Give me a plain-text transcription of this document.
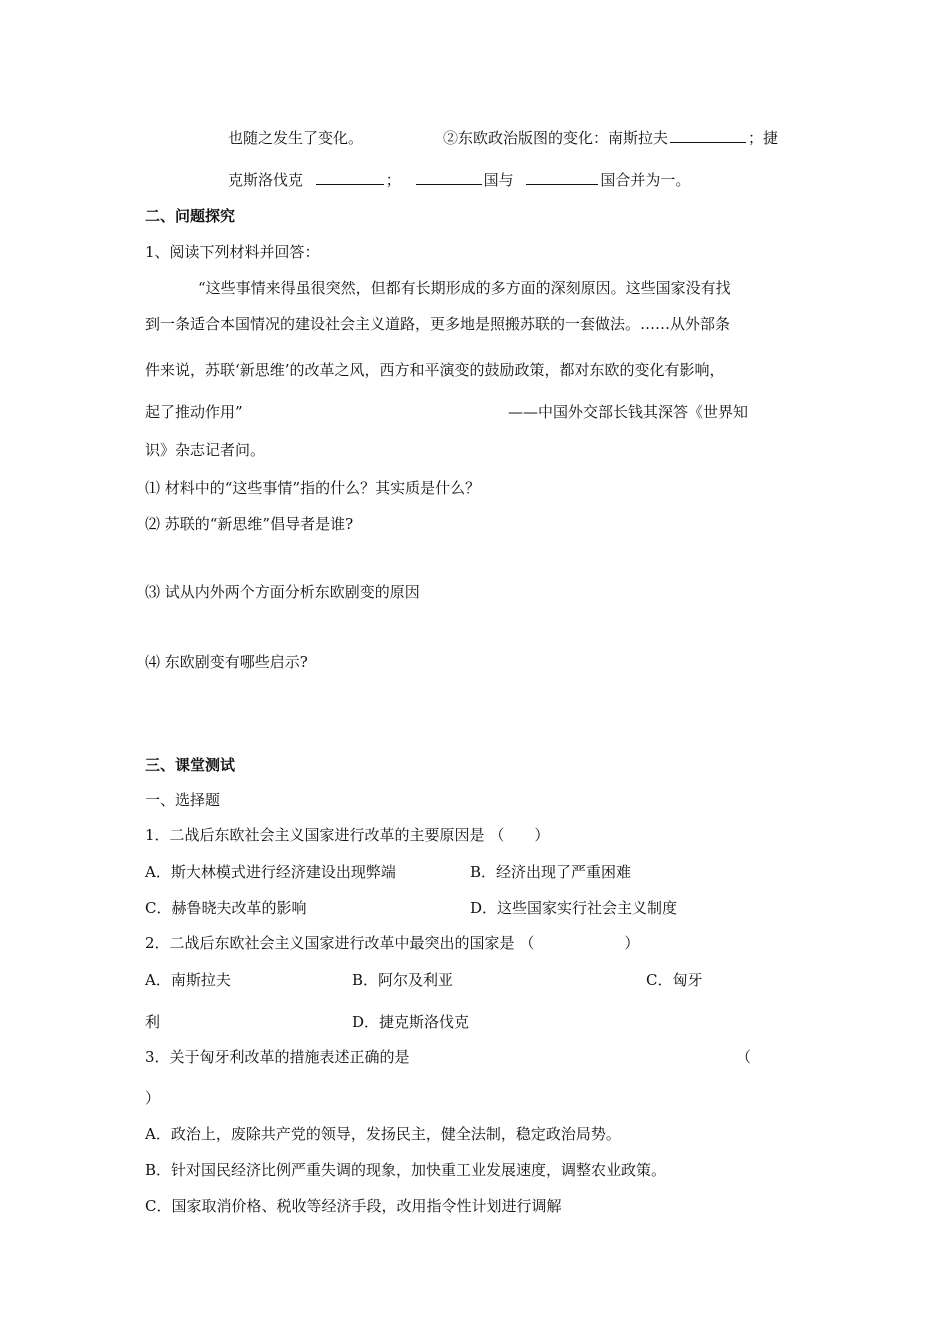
也随之发生了变化。	②东欧政治版图的变化：南斯拉夫	；捷
克斯洛伐克	；	国与	国合并为一。
二、问题探究
1、阅读下列材料并回答：
“这些事情来得虽很突然，但都有长期形成的多方面的深刻原因。这些国家没有找
到一条适合本国情况的建设社会主义道路，更多地是照搬苏联的一套做法。……从外部条
件来说，苏联‘新思维’的改革之风，西方和平演变的鼓励政策，都对东欧的变化有影响，
起了推动作用”	——中国外交部长钱其深答《世界知
识》杂志记者问。
⑴ 材料中的“这些事情”指的什么？其实质是什么？
⑵ 苏联的“新思维”倡导者是谁?
⑶ 试从内外两个方面分析东欧剧变的原因
⑷ 东欧剧变有哪些启示?
三、课堂测试
一、选择题
1．二战后东欧社会主义国家进行改革的主要原因是 （　　）
A．斯大林模式进行经济建设出现弊端	B．经济出现了严重困难
C．赫鲁晓夫改革的影响	D．这些国家实行社会主义制度
2．二战后东欧社会主义国家进行改革中最突出的国家是 （　　　　　　）
A．南斯拉夫	B．阿尔及利亚	C．匈牙
利	D．捷克斯洛伐克
3．关于匈牙利改革的措施表述正确的是	（
）
A．政治上，废除共产党的领导，发扬民主，健全法制，稳定政治局势。
B．针对国民经济比例严重失调的现象，加快重工业发展速度，调整农业政策。
C．国家取消价格、税收等经济手段，改用指令性计划进行调解
